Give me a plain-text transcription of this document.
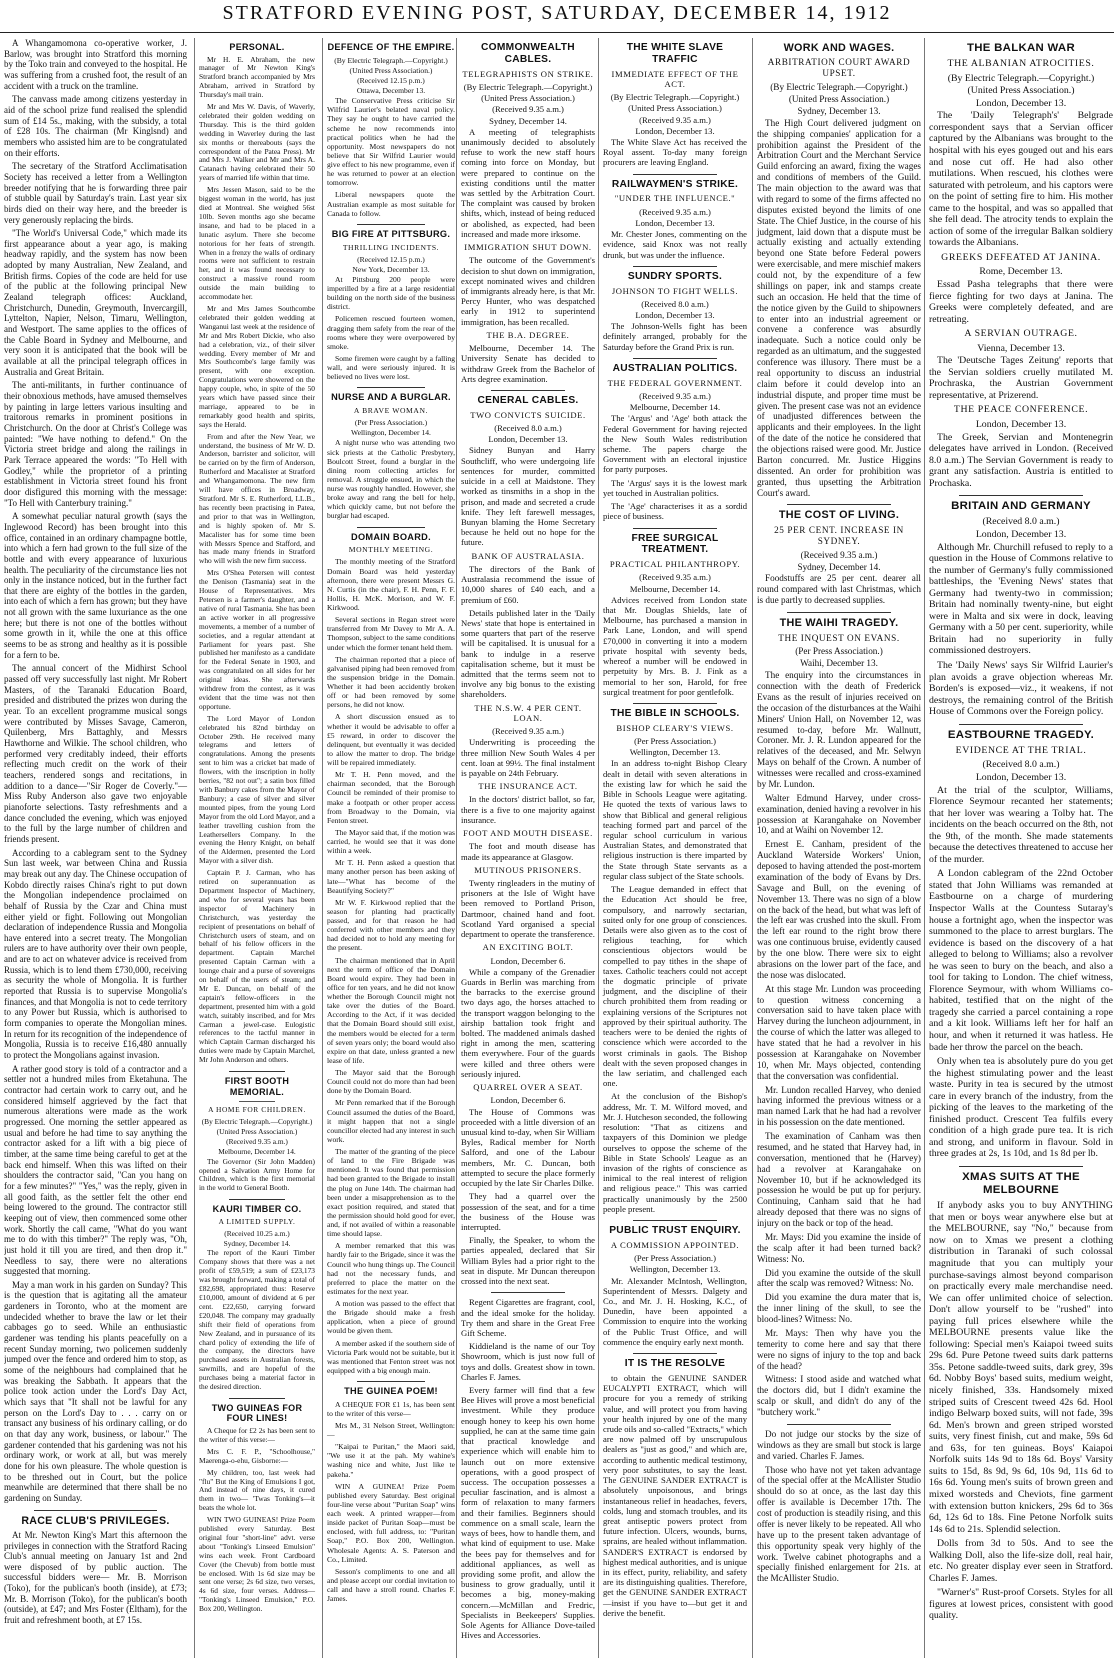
STRATFORD EVENING POST, SATURDAY, DECEMBER 14, 1912

A Whangamomona co-operative worker, J. Barlow, was brought into Stratford this morning by the Toko train and conveyed to the hospital. He was suffering from a crushed foot, the result of an accident with a truck on the tramline.

The canvass made among citizens yesterday in aid of the school prize fund realised the splendid sum of £14 5s., making, with the subsidy, a total of £28 10s. The chairman (Mr Kinglsnd) and members who assisted him are to be congratulated on their efforts.

The secretary of the Stratford Acclimatisation Society has received a letter from a Wellington breeder notifying that he is forwarding three pair of stubble quail by Saturday's train. Last year six birds died on their way here, and the breeder is very generously replacing the birds.

"The World's Universal Code," which made its first appearance about a year ago, is making headway rapidly, and the system has now been adopted by many Australian, New Zealand, and British firms. Copies of the code are held for use of the public at the following principal New Zealand telegraph offices: Auckland, Christchurch, Dunedin, Greymouth, Invercargill, Lyttelton, Napier, Nelson, Timaru, Wellington, and Westport. The same applies to the offices of the Cable Board in Sydney and Melbourne, and very soon it is anticipated that the book will be available at all the principal telegraph offices in Australia and Great Britain.

The anti-militants, in further continuance of their obnoxious methods, have amused themselves by painting in large letters various insulting and traitorous remarks in prominent positions in Christchurch. On the door at Christ's College was painted: "We have nothing to defend." On the Victoria street bridge and along the railings in Park Terrace appeared the words: "To Hell with Godley," while the proprietor of a printing establishment in Victoria street found his front door disfigured this morning with the message: "To Hell with Canterbury training."

A somewhat peculiar natural growth (says the Inglewood Record) has been brought into this office, contained in an ordinary champagne bottle, into which a fern had grown to the full size of the bottle and with every appearance of luxurious health. The peculiarity of the circumstance lies not only in the instance noticed, but in the further fact that there are eighty of the bottles in the garden, into each of which a fern has grown; but they have not all grown with the same luxuriance as the one here; but there is not one of the bottles without some growth in it, while the one at this office seems to be as strong and healthy as it is possible for a fern to be.

The annual concert of the Midhirst School passed off very successfully last night. Mr Robert Masters, of the Taranaki Education Board, presided and distributed the prizes won during the year. To an excellent programme musical songs were contributed by Misses Savage, Cameron, Quilenberg, Mrs Battaghly, and Messrs Hawthorne and Wilkie. The school children, who performed very creditably indeed, their efforts reflecting much credit on the work of their teachers, rendered songs and recitations, in addition to a dance—"Sir Roger de Coverly."—Miss Ruby Anderson also gave two enjoyable pianoforte selections. Tasty refreshments and a dance concluded the evening, which was enjoyed to the full by the large number of children and friends present.

According to a cablegram sent to the Sydney Sun last week, war between China and Russia may break out any day. The Chinese occupation of Kobdo directly raises China's right to put down the Mongolian independence proclaimed on behalf of Russia by the Czar and China must either yield or fight. Following out Mongolian declaration of independence Russia and Mongolia have entered into a secret treaty. The Mongolian rulers are to have authority over their own people, and are to act on whatever advice is received from Russia, which is to lend them £730,000, receiving as security the whole of Mongolia. It is further reported that Russia is to supervise Mongolia's finances, and that Mongolia is not to cede territory to any Power but Russia, which is authorised to form companies to operate the Mongolian mines. In return for its recognition of the independence of Mongolia, Russia is to receive £16,480 annually to protect the Mongolians against invasion.

A rather good story is told of a contractor and a settler not a hundred miles from Eketahuna. The contractor had certain work to carry out, and he considered himself aggrieved by the fact that numerous alterations were made as the work progressed. One morning the settler appeared as usual and before he had time to say anything the contractor asked for a lift with a big piece of timber, at the same time being careful to get at the back end himself. When this was lifted on their shoulders the contractor said, "Can you hang on for a few minutes?" "Yes," was the reply, given in all good faith, as the settler felt the other end being lowered to the ground. The contractor still keeping out of view, then commenced some other work. Shortly the call came, "What do you want me to do with this timber?" The reply was, "Oh, just hold it till you are tired, and then drop it." Needless to say, there were no alterations suggested that morning.

May a man work in his garden on Sunday? This is the question that is agitating all the amateur gardeners in Toronto, who at the moment are undecided whether to brave the law or let their cabbages go to seed. While an enthusiastic gardener was tending his plants peacefully on a recent Sunday morning, two policemen suddenly jumped over the fence and ordered him to stop, as some of the neighbours had complained that he was breaking the Sabbath. It appears that the police took action under the Lord's Day Act, which says that "It shall not be lawful for any person on the Lord's Day to . . . carry on or transact any business of his ordinary calling, or do on that day any work, business, or labour." The gardener contended that his gardening was not his ordinary work, or work at all, but was merely done for his own pleasure. The whole question is to be threshed out in Court, but the police meanwhile are determined that there shall be no gardening on Sunday.

RACE CLUB'S PRIVILEGES.

At Mr. Newton King's Mart this afternoon the privileges in connection with the Stratford Racing Club's annual meeting on January 1st and 2nd were disposed of by public auction. The successful bidders were— Mr. B. Morrison (Toko), for the publican's booth (inside), at £73; Mr. B. Morrison (Toko), for the publican's booth (outside), at £47; and Mrs Foster (Eltham), for the fruit and refreshment booth, at £7 15s.

PERSONAL.

Mr H. E. Abraham, the new manager of Mr Newton King's Stratford branch accompanied by Mrs Abraham, arrived in Stratford by Thursday's mail train.

Mr and Mrs W. Davis, of Waverly, celebrated their golden wedding on Thursday. This is the third golden wedding in Waverley during the last six months or thereabouts (says the correspondent of the Patea Press). Mr and Mrs J. Walker and Mr and Mrs A. Catanach having celebrated their 50 years of married life within that time.

Mrs Jessen Mason, said to be the biggest woman in the world, has just died at Montreal. She weighed 56st 10lb. Seven months ago she became insane, and had to be placed in a lunatic asylum. There she become notorious for her feats of strength. When in a frenzy the walls of ordinary rooms were not sufficient to restrain her, and it was found necessary to construct a massive round room outside the main building to accommodate her.

Mr and Mrs James Southcombe celebrated their golden wedding at Wanganui last week at the residence of Mr and Mrs Robert Dickie, who also had a celebration, viz., of their silver wedding. Every member of Mr and Mrs Southcombe's large family was present, with one exception. Congratulations were showered on the happy couple, who, in spite of the 50 years which have passed since their marriage, appeared to be in remarkably good health and spirits, says the Herald.

From and after the New Year, we understand, the business of Mr W. D. Anderson, barrister and solicitor, will be carried on by the firm of Anderson, Rutherford and Macalister at Stratford and Whangamomona. The new firm will have offices in Broadway, Stratford. Mr S. E. Rutherford, LL.B., has recently been practising in Patea, and prior to that was in Wellington, and is highly spoken of. Mr S. Macalister has for some time been with Messrs Spence and Stafford, and has made many friends in Stratford who will wish the new firm success.

Mrs O'Shea Petersen will contest the Denison (Tasmania) seat in the House of Representatives. Mrs Petersen is a farmer's daughter, and a native of rural Tasmania. She has been an active worker in all progressive movements, a member of a number of societies, and a regular attendant at Parliament for years past. She published her manifesto as a candidate for the Federal Senate in 1903, and was congratulated on all sides for her original ideas. She afterwards withdrew from the contest, as it was evident that the time was not then opportune.

The Lord Mayor of London celebrated his 82nd birthday on October 29th. He received many telegrams and letters of congratulations. Among the presents sent to him was a cricket bat made of flowers, with the inscription in holly berries, "82 not out"; a satin box filled with Banbury cakes from the Mayor of Banbury; a case of silver and silver mounted pipes, from the young Lord Mayor from the old Lord Mayor, and a leather travelling cushion from the Leathersellers Company. In the evening the Henry Knight, on behalf of the Aldermen, presented the Lord Mayor with a silver dish.

Captain P. J. Carman, who has retired on superannuation as Department Inspector of Machinery, and who for several years has been inspector of Machinery in Christchurch, was yesterday the recipient of presentations on behalf of Christchurch users of steam, and on behalf of his fellow officers in the department. Captain Marchel presented Captain Carman with a lounge chair and a purse of sovereigns on behalf of the users of steam; and Mr E. Duncan, on behalf of the captain's fellow-officers in the department, presented him with a gold watch, suitably inscribed, and for Mrs Carman a jewel-case. Eulogistic references to the tactful manner in which Captain Carman discharged his duties were made by Captain Marchel, Mr John Anderson and others.

FIRST BOOTH MEMORIAL.
A HOME FOR CHILDREN.
(By Electric Telegraph.—Copyright.)
(United Press Association.)
(Received 9.35 a.m.)
Melbourne, December 14.

The Governor (Sir John Madden) opened a Salvation Army Home for Children, which is the first memorial in the world to General Booth.

KAURI TIMBER CO.
A LIMITED SUPPLY.
(Received 10.25 a.m.)
Sydney, December 14.

The report of the Kauri Timber Company shows that there was a net profit of £59,519; a sum of £23,173 was brought forward, making a total of £82,698, appropriated thus: Reserve £10,000, amount of dividend at 6 per cent. £22,650, carrying forward £20,048. The company may gradually shift their field of operations from New Zealand, and in pursuance of its chard policy of extending the life of the company, the directors have purchased assets in Australian forests, sawmills, and are hopeful of the purchases being a material factor in the desired direction.

TWO GUINEAS FOR FOUR LINES!

A Cheque for £2 2s has been sent to the writer of this verse:—

Mrs C. F. P., "Schoolhouse," Maerenga-o-ehu, Gisborne:—

My children, too, last week had "flu" But the King of Emulsions I got, And instead of nine days, it cured them in two— 'Twas Tonking's—it beats the whole lot.

WIN TWO GUINEAS! Prize Poem published every Saturday. Best original four "short-line" advt. verse about "Tonking's Linseed Emulsion" wins each week. Front Cardboard Cover (the Chevub) from bottle must be enclosed. With 1s 6d size may be sent one verse; 2s 6d size, two verses, 4s 6d size, four verses. Address— "Tonking's Linseed Emulsion," P.O. Box 200, Wellington.

DEFENCE OF THE EMPIRE.
(By Electric Telegraph.—Copyright.)
(United Press Association.)
(Received 12.15 p.m.)
Ottawa, December 13.

The Conservative Press criticise Sir Wilfrid Laurier's belated naval policy. They say he ought to have carried the scheme he now recommends into practical politics when he had the opportunity. Most newspapers do not believe that Sir Wilfrid Laurier would give effect to his new programme, even if he was returned to power at an election tomorrow.

Liberal newspapers quote the Australian example as most suitable for Canada to follow.

BIG FIRE AT PITTSBURG.
THRILLING INCIDENTS.
(Received 12.15 p.m.)
New York, December 13.

At Pittsburg 200 people were imperilled by a fire at a large residential building on the north side of the business district.

Policemen rescued fourteen women, dragging them safely from the rear of the rooms where they were overpowered by smoke.

Some firemen were caught by a falling wall, and were seriously injured. It is believed no lives were lost.

NURSE AND A BURGLAR.
A BRAVE WOMAN.
(Per Press Association.)
Wellington, December 14.

A night nurse who was attending two sick priests at the Catholic Presbytery, Boulcott Street, found a burglar in the dining room collecting articles for removal. A struggle ensued, in which the nurse was roughly handled. However, she broke away and rang the bell for help, which quickly came, but not before the burglar had escaped.

DOMAIN BOARD.
MONTHLY MEETING.

The monthly meeting of the Stratford Domain Board was held yesterday afternoon, there were present Messrs G. N. Curtis (in the chair), F. H. Penn, F. F. Hollis, H. McK. Morison, and W. F. Kirkwood.

Several sections in Regan street were transferred from Mr Davey to Mr A. A. Thompson, subject to the same conditions under which the former tenant held them.

The chairman reported that a piece of galvanised piping had been removed from the suspension bridge in the Domain. Whether it had been accidently broken off or had been removed by some persons, he did not know.

A short discussion ensued as to whether it would be advisable to offer a £5 reward, in order to discover the delinquent, but eventually it was decided to allow the matter to drop. The bridge will be repaired immediately.

Mr T. H. Penn moved, and the chairman seconded, that the Borough Council be reminded of their promise to make a footpath or other proper access from Broadway to the Domain, via Fenton street.

The Mayor said that, if the motion was carried, he would see that it was done within a week.

Mr T. H. Penn asked a question that many another person has been asking of late—"What has become of the Beautifying Society?"

Mr W. F. Kirkwood replied that the season for planting had practically passed, and for that reason he had conferred with other members and they had decided not to hold any meeting for the present.

The chairman mentioned that in April next the term of office of the Domain Board would expire. They had been in office for ten years, and he did not know whether the Borough Council might not take over the duties of the Board. According to the Act, if it was decided that the Domain Board should still exist, the members would be elected for a term of seven years only; the board would also expire on that date, unless granted a new lease of life.

The Mayor said that the Borough Council could not do more than had been done by the Domain Board.

Mr Penn remarked that if the Borough Council assumed the duties of the Board, it might happen that not a single councillor elected had any interest in such work.

The matter of the granting of the piece of land to the Fire Brigade was mentioned. It was found that permission had been granted to the Brigade to install the plug on June 14th. The chairman had been under a misapprehension as to the exact position required, and stated that the permission should hold good for ever, and, if not availed of within a reasonable time should lapse.

A member remarked that this was hardly fair to the Brigade, since it was the Council who hung things up. The Council had not the necessary funds, and preferred to place the matter on the estimates for the next year.

A motion was passed to the effect that the Brigade should make a fresh application, when a piece of ground would be given them.

A member asked if the southern side of Victoria Park would not be suitable, but it was mentioned that Fenton street was not equipped with a big enough main.

THE GUINEA POEM!

A CHEQUE FOR £1 1s, has been sent to the writer of this verse—

Mrs M., 31 Nelson Street, Wellington:—

"Kaipai te Puritan," the Maori said, "We use it at the pah. My wahine's washing nice and white, Just like te pakeha."

WIN A GUINEA! Prize Poem published every Saturday. Best original four-line verse about "Puritan Soap" wins each week. A printed wrapper—from inside packet of Puritan Soap—must be enclosed, with full address, to: "Puritan Soap," P.O. Box 200, Wellington. Wholesale Agents: A. S. Paterson and Co., Limited.

Sesson's compliments to one and all and please accept our cordial invitation to call and have a stroll round. Charles F. James.

COMMONWEALTH CABLES.
TELEGRAPHISTS ON STRIKE.
(By Electric Telegraph.—Copyright.)
(United Press Association.)
(Received 9.35 a.m.)
Sydney, December 14.

A meeting of telegraphists unanimously decided to absolutely refuse to work the new staff hours coming into force on Monday, but were prepared to continue on the existing conditions until the matter was settled by the Arbitration Court. The complaint was caused by broken shifts, which, instead of being reduced or abolished, as expected, had been increased and made more irksome.

IMMIGRATION SHUT DOWN.

The outcome of the Government's decision to shut down on immigration, except nominated wives and children of immigrants already here, is that Mr. Percy Hunter, who was despatched early in 1912 to superintend immigration, has been recalled.

THE B.A. DEGREE.

Melbourne, December 14. The University Senate has decided to withdraw Greek from the Bachelor of Arts degree examination.

CENERAL CABLES.
TWO CONVICTS SUICIDE.
(Received 8.0 a.m.)
London, December 13.

Sidney Bunyan and Harry Southcliff, who were undergoing life sentences for murder, committed suicide in a cell at Maidstone. They worked as tinsmiths in a shop in the prison, and made and secreted a crude knife. They left farewell messages, Bunyan blaming the Home Secretary because he held out no hope for the future.

BANK OF AUSTRALASIA.

The directors of the Bank of Australasia recommend the issue of 10,000 shares of £40 each, and a premium of £60.

Details published later in the 'Daily News' state that hope is entertained in some quarters that part of the reserve will be capitalised. It is unusual for a bank to indulge in a reserve capitalisation scheme, but it must be admitted that the terms seem not to involve any big bonus to the existing shareholders.

THE N.S.W. 4 PER CENT. LOAN.
(Received 9.35 a.m.)

Underwriting is proceeding the three million New South Wales 4 per cent. loan at 99½. The final instalment is payable on 24th February.

THE INSURANCE ACT.

In the doctors' district ballot, so far, there is a five to one majority against insurance.

FOOT AND MOUTH DISEASE.

The foot and mouth disease has made its appearance at Glasgow.

MUTINOUS PRISONERS.

Twenty ringleaders in the mutiny of prisoners at the Isle of Wight have been removed to Portland Prison, Dartmoor, chained hand and foot. Scotland Yard organised a special department to operate the transference.

AN EXCITING BOLT.
London, December 6.

While a company of the Grenadier Guards in Berlin was marching from the barracks to the exercise ground two days ago, the horses attached to the transport waggon belonging to the airship battalion took fright and bolted. The maddened animals dashed right in among the men, scattering them everywhere. Four of the guards were killed and three others were seriously injured.

QUARREL OVER A SEAT.
London, December 6.

The House of Commons was proceeded with a little diversion of an unusual kind to-day, when Sir William Byles, Radical member for North Salford, and one of the Labour members, Mr. C. Duncan, both attempted to secure the place formerly occupied by the late Sir Charles Dilke.

They had a quarrel over the possession of the seat, and for a time the business of the House was interrupted.

Finally, the Speaker, to whom the parties appealed, declared that Sir William Byles had a prior right to the seat in dispute. Mr Duncan thereupon crossed into the next seat.

Regent Cigarettes are fragrant, cool, and the ideal smoke for the holiday. Try them and share in the Great Free Gift Scheme.

Kiddieland is the name of our Toy Showroom, which is just now full of toys and dolls. Greatest show in town. Charles F. James.

Every farmer will find that a few Bee Hives will prove a most beneficial investment. While they produce enough honey to keep his own home supplied, he can at the same time gain that practical knowledge and experience which will enable him to launch out on more extensive operations, with a good prospect of success. The occupation possesses a peculiar fascination, and is almost a form of relaxation to many farmers and their families. Beginners should commence on a small scale, learn the ways of bees, how to handle them, and what kind of equipment to use. Make the bees pay for themselves and for additional appliances, as well as providing some profit, and allow the business to grow gradually, until it becomes a big, money-making concern.—McMillan and Fredric, Specialists in Beekeepers' Supplies. Sole Agents for Alliance Dove-tailed Hives and Accessories.

THE WHITE SLAVE TRAFFIC
IMMEDIATE EFFECT OF THE ACT.
(By Electric Telegraph.—Copyright.)
(United Press Association.)
(Received 9.35 a.m.)
London, December 13.

The White Slave Act has received the Royal assent. To-day many foreign procurers are leaving England.

RAILWAYMEN'S STRIKE.
"UNDER THE INFLUENCE."
(Received 9.35 a.m.)
London, December 13.

Mr. Chester Jones, commenting on the evidence, said Knox was not really drunk, but was under the influence.

SUNDRY SPORTS.
JOHNSON TO FIGHT WELLS.
(Received 8.0 a.m.)
London, December 13.

The Johnson-Wells fight has been definitely arranged, probably for the Saturday before the Grand Prix is run.

AUSTRALIAN POLITICS.
THE FEDERAL GOVERNMENT.
(Received 9.35 a.m.)
Melbourne, December 14.

The 'Argus' and 'Age' both attack the Federal Government for having rejected the New South Wales redistribution scheme. The papers charge the Government with an electoral injustice for party purposes.

The 'Argus' says it is the lowest mark yet touched in Australian politics.

The 'Age' characterises it as a sordid piece of business.

FREE SURGICAL TREATMENT.
PRACTICAL PHILANTHROPY.
(Received 9.35 a.m.)
Melbourne, December 14.

Advices received from London state that Mr. Douglas Shields, late of Melbourne, has purchased a mansion in Park Lane, London, and will spend £70,000 in converting it into a modern private hospital with seventy beds, whereof a number will be endowed in perpetuity by Mrs. B. J. Fink as a memorial to her son, Harold, for free surgical treatment for poor gentlefolk.

THE BIBLE IN SCHOOLS.
BISHOP CLEARY'S VIEWS.
(Per Press Association.)
Wellington, December 13.

In an address to-night Bishop Cleary dealt in detail with seven alterations in the existing law for which he said the Bible in Schools League were agitating. He quoted the texts of various laws to show that Biblical and general religious teaching formed part and parcel of the regular school curriculum in various Australian States, and demonstrated that religious instruction is there imparted by the State through State servants as a regular class subject of the State schools.

The League demanded in effect that the Education Act should be free, compulsory, and narrowly sectarian, suited only for one group of consciences. Details were also given as to the cost of religious teaching, for which conscientious objectors would be compelled to pay tithes in the shape of taxes. Catholic teachers could not accept the dogmatic principle of private judgment, and the discipline of their church prohibited them from reading or explaining versions of the Scriptures not approved by their spiritual authority. The teachers were to be denied the rights of conscience which were accorded to the worst criminals in gaols. The Bishop dealt with the seven proposed changes in the law seriatim, and challenged each one.

At the conclusion of the Bishop's address, Mr. T. M. Wilford moved, and Mr. J. Hutcheson seconded, the following resolution: "That as citizens and taxpayers of this Dominion we pledge ourselves to oppose the scheme of the Bible in State Schools' League as an invasion of the rights of conscience as inimical to the real interest of religion and religious peace." This was carried practically unanimously by the 2500 people present.

PUBLIC TRUST ENQUIRY.
A COMMISSION APPOINTED.
(Per Press Association.)
Wellington, December 13.

Mr. Alexander McIntosh, Wellington, Superintendent of Messrs. Dalgety and Co., and Mr. J. H. Hosking, K.C., of Dunedin, have been appointed a Commission to enquire into the working of the Public Trust Office, and will commence the enquiry early next month.

IT IS THE RESOLVE

to obtain the GENUINE SANDER EUCALYPTI EXTRACT, which will procure for you a remedy of striking value, and will protect you from having your health injured by one of the many crude oils and so-called "Extracts," which are now palmed off by unscrupulous dealers as "just as good," and which are, according to authentic medical testimony, very poor substitutes, to say the least. The GENUINE SANDER EXTRACT is absolutely unpoisonous, and brings instantaneous relief in headaches, fevers, colds, lung and stomach troubles, and its great antiseptic powers protect from future infection. Ulcers, wounds, burns, sprains, are healed without inflammation. SANDER'S EXTRACT is endorsed by highest medical authorities, and is unique in its effect, purity, reliability, and safety are its distinguishing qualities. Therefore, get the GENUINE SANDER EXTRACT—insist if you have to—but get it and derive the benefit.

WORK AND WAGES.
ARBITRATION COURT AWARD UPSET.
(By Electric Telegraph.—Copyright.)
(United Press Association.)
Sydney, December 13.

The High Court delivered judgment on the shipping companies' application for a prohibition against the President of the Arbitration Court and the Merchant Service Guild enforcing an award, fixing the wages and conditions of members of the Guild. The main objection to the award was that with regard to some of the firms affected no disputes existed beyond the limits of one State. The Chief Justice, in the course of his judgment, laid down that a dispute must be actually existing and actually extending beyond one State before Federal powers were exercisable, and mere mischief makers could not, by the expenditure of a few shillings on paper, ink and stamps create such an occasion. He held that the time of the notice given by the Guild to shipowners to enter into an industrial agreement or convene a conference was absurdly inadequate. Such a notice could only be regarded as an ultimatum, and the suggested conference was illusory. There must be a real opportunity to discuss an industrial claim before it could develop into an industrial dispute, and proper time must be given. The present case was not an evidence of unadjusted differences between the applicants and their employees. In the light of the date of the notice he considered that the objections raised were good. Mr. Justice Barton concurred. Mr. Justice Higgins dissented. An order for prohibition was granted, thus upsetting the Arbitration Court's award.

THE COST OF LIVING.
25 PER CENT. INCREASE IN SYDNEY.
(Received 9.35 a.m.)
Sydney, December 14.

Foodstuffs are 25 per cent. dearer all round compared with last Christmas, which is due partly to decreased supplies.

THE WAIHI TRAGEDY.
THE INQUEST ON EVANS.
(Per Press Association.)
Waihi, December 13.

The enquiry into the circumstances in connection with the death of Frederick Evans as the result of injuries received on the occasion of the disturbances at the Waihi Miners' Union Hall, on November 12, was resumed to-day, before Mr. Wallnutt, Coroner. Mr. J. R. Lundon appeared for the relatives of the deceased, and Mr. Selwyn Mays on behalf of the Crown. A number of witnesses were recalled and cross-examined by Mr. Lundon.

Walter Edmund Harvey, under cross-examination, denied having a revolver in his possession at Karangahake on November 10, and at Waihi on November 12.

Ernest E. Canham, president of the Auckland Waterside Workers' Union, deposed to having attended the post-mortem examination of the body of Evans by Drs. Savage and Bull, on the evening of November 13. There was no sign of a blow on the back of the head, but what was left of the left ear was crushed into the skull. From the left ear round to the right brow there was one continuous bruise, evidently caused by the one blow. There were six to eight abrasions on the lower part of the face, and the nose was dislocated.

At this stage Mr. Lundon was proceeding to question witness concerning a conversation said to have taken place with Harvey during the luncheon adjournment, in the course of which the latter was alleged to have stated that he had a revolver in his possession at Karangahake on November 10, when Mr. Mays objected, contending that the conversation was confidential.

Mr. Lundon recalled Harvey, who denied having informed the previous witness or a man named Lark that he had had a revolver in his possession on the date mentioned.

The examination of Canham was then resumed, and he stated that Harvey had, in conversation, mentioned that he (Harvey) had a revolver at Karangahake on November 10, but if he acknowledged its possession he would be put up for perjury. Continuing, Canham said that he had already deposed that there was no signs of injury on the back or top of the head.

Mr. Mays: Did you examine the inside of the scalp after it had been turned back? Witness: No.

Did you examine the outside of the skull after the scalp was removed? Witness: No.

Did you examine the dura mater that is, the inner lining of the skull, to see the blood-lines? Witness: No.

Mr. Mays: Then why have you the temerity to come here and say that there were no signs of injury to the top and back of the head?

Witness: I stood aside and watched what the doctors did, but I didn't examine the scalp or skull, and didn't do any of the "butchery work."

Do not judge our stocks by the size of windows as they are small but stock is large and varied. Charles F. James.

Those who have not yet taken advantage of the special offer at the McAllister Studio should do so at once, as the last day this offer is available is December 17th. The cost of production is steadily rising, and this offer is never likely to be repeated. All who have up to the present taken advantage of this opportunity speak very highly of the work. Twelve cabinet photographs and a specially finished enlargement for 21s. at the McAllister Studio.

THE BALKAN WAR
THE ALBANIAN ATROCITIES.
(By Electric Telegraph.—Copyright.)
(United Press Association.)
London, December 13.

The 'Daily Telegraph's' Belgrade correspondent says that a Servian officer captured by the Albanians was brought to the hospital with his eyes gouged out and his ears and nose cut off. He had also other mutilations. When rescued, his clothes were saturated with petroleum, and his captors were on the point of setting fire to him. His mother came to the hospital, and was so appalled that she fell dead. The atrocity tends to explain the action of some of the irregular Balkan soldiery towards the Albanians.

GREEKS DEFEATED AT JANINA.
Rome, December 13.

Essad Pasha telegraphs that there were fierce fighting for two days at Janina. The Greeks were completely defeated, and are retreating.

A SERVIAN OUTRAGE.
Vienna, December 13.

The 'Deutsche Tages Zeitung' reports that the Servian soldiers cruelly mutilated M. Prochraska, the Austrian Government representative, at Prizerend.

THE PEACE CONFERENCE.
London, December 13.

The Greek, Servian and Montenegrin delegates have arrived in London. (Received 8.0 a.m.) The Servian Government is ready to grant any satisfaction. Austria is entitled to Prochaska.

BRITAIN AND GERMANY
(Received 8.0 a.m.)
London, December 13.

Although Mr. Churchill refused to reply to a question in the House of Commons relative to the number of Germany's fully commissioned battleships, the 'Evening News' states that Germany had twenty-two in commission; Britain had nominally twenty-nine, but eight were in Malta and six were in dock, leaving Germany with a 50 per cent. superiority, while Britain had no superiority in fully commissioned destroyers.

The 'Daily News' says Sir Wilfrid Laurier's plan avoids a grave objection whereas Mr. Borden's is exposed—viz., it weakens, if not destroys, the remaining control of the British House of Commons over the Foreign policy.

EASTBOURNE TRAGEDY.
EVIDENCE AT THE TRIAL.
(Received 8.0 a.m.)
London, December 13.

At the trial of the sculptor, Williams, Florence Seymour recanted her statements; that her lover was wearing a Tolby hat. The incidents on the beach occurred on the 8th, not the 9th, of the month. She made statements because the detectives threatened to accuse her of the murder.

A London cablegram of the 22nd October stated that John Williams was remanded at Eastbourne on a charge of murdering Inspector Walls at the Countess Sutaray's house a fortnight ago, when the inspector was summoned to the place to arrest burglars. The evidence is based on the discovery of a hat alleged to belong to Williams; also a revolver he was seen to bury on the beach, and also a tool for taking to London. The chief witness, Florence Seymour, with whom Williams co-habited, testified that on the night of the tragedy she carried a parcel containing a rope and a kit look. Williams left her for half an hour, and when it returned it was hatless. He bade her throw the parcel on the beach.

Only when tea is absolutely pure do you get the highest stimulating power and the least waste. Purity in tea is secured by the utmost care in every branch of the industry, from the picking of the leaves to the marketing of the finished product. Crescent Tea fulfils every condition of a high grade pure tea. It is rich and strong, and uniform in flavour. Sold in three grades at 2s, 1s 10d, and 1s 8d per lb.

XMAS SUITS AT THE MELBOURNE

If anybody asks you to buy ANYTHING that men or boys wear anywhere else but at the MELBOURNE, say "No," because from now on to Xmas we present a clothing distribution in Taranaki of such colossal magnitude that you can multiply your purchase-savings almost beyond comparison on practically every male merchandise need. We can offer unlimited choice of selection. Don't allow yourself to be "rushed" into paying full prices elsewhere while the MELBOURNE presents value like the following: Special men's Kaiapoi tweed suits 29s 6d. Pure Petone tweed suits dark patterns 35s. Petone saddle-tweed suits, dark grey, 39s 6d. Nobby Boys' based suits, medium weight, nicely finished, 33s. Handsomely mixed striped suits of Crescent tweed 42s 6d. Hool indigo Belwarp boxed suits, will not fade, 39s 6d. Men's brown and green striped worsted suits, very finest finish, cut and make, 59s 6d and 63s, for ten guineas. Boys' Kaiapoi Norfolk suits 14s 9d to 18s 6d. Boys' Varsity suits to 15d, 8s 9d, 9s 6d, 10s 9d, 11s 6d to 16s 6d. Young men's suits of brown green and mixed worsteds and Cheviots, fine garment with extension button knickers, 29s 6d to 36s 6d, 12s 6d to 18s. Fine Petone Norfolk suits 14s 6d to 21s. Splendid selection.

Dolls from 3d to 50s. And to see the Walking Doll, also the life-size doll, real hair, etc. No greater display ever seen in Stratford. Charles F. James.

"Warner's" Rust-proof Corsets. Styles for all figures at lowest prices, consistent with good quality.
